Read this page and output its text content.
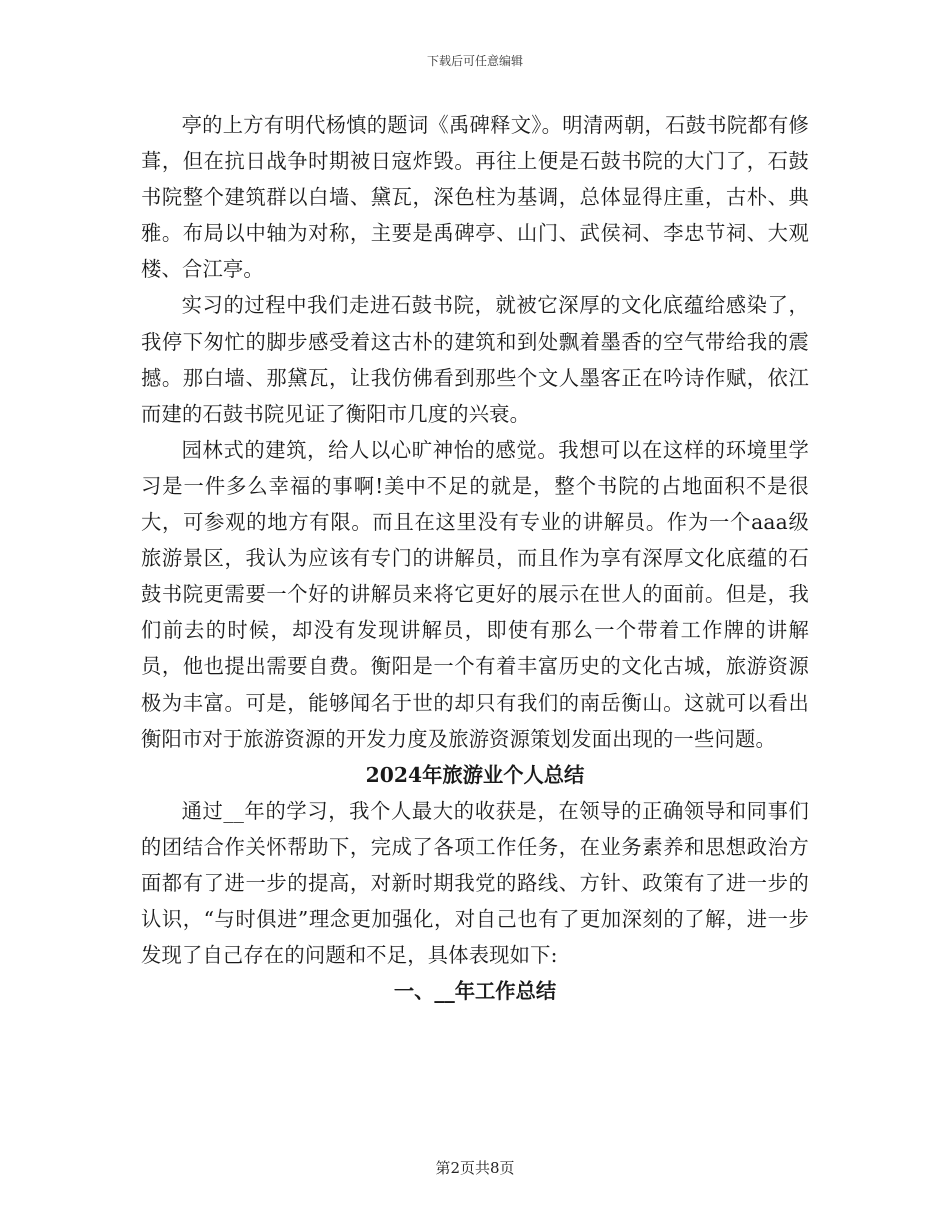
下载后可任意编辑

亭的上方有明代杨慎的题词《禹碑释文》。明清两朝，石鼓书院都有修葺，但在抗日战争时期被日寇炸毁。再往上便是石鼓书院的大门了，石鼓书院整个建筑群以白墙、黛瓦，深色柱为基调，总体显得庄重，古朴、典雅。布局以中轴为对称，主要是禹碑亭、山门、武侯祠、李忠节祠、大观楼、合江亭。

实习的过程中我们走进石鼓书院，就被它深厚的文化底蕴给感染了，我停下匆忙的脚步感受着这古朴的建筑和到处飘着墨香的空气带给我的震撼。那白墙、那黛瓦，让我仿佛看到那些个文人墨客正在吟诗作赋，依江而建的石鼓书院见证了衡阳市几度的兴衰。

园林式的建筑，给人以心旷神怡的感觉。我想可以在这样的环境里学习是一件多么幸福的事啊!美中不足的就是，整个书院的占地面积不是很大，可参观的地方有限。而且在这里没有专业的讲解员。作为一个aaa级旅游景区，我认为应该有专门的讲解员，而且作为享有深厚文化底蕴的石鼓书院更需要一个好的讲解员来将它更好的展示在世人的面前。但是，我们前去的时候，却没有发现讲解员，即使有那么一个带着工作牌的讲解员，他也提出需要自费。衡阳是一个有着丰富历史的文化古城，旅游资源极为丰富。可是，能够闻名于世的却只有我们的南岳衡山。这就可以看出衡阳市对于旅游资源的开发力度及旅游资源策划发面出现的一些问题。

2024年旅游业个人总结

通过__年的学习，我个人最大的收获是，在领导的正确领导和同事们的团结合作关怀帮助下，完成了各项工作任务，在业务素养和思想政治方面都有了进一步的提高，对新时期我党的路线、方针、政策有了进一步的认识，“与时俱进”理念更加强化，对自己也有了更加深刻的了解，进一步发现了自己存在的问题和不足，具体表现如下:

一、__年工作总结

第2页共8页
